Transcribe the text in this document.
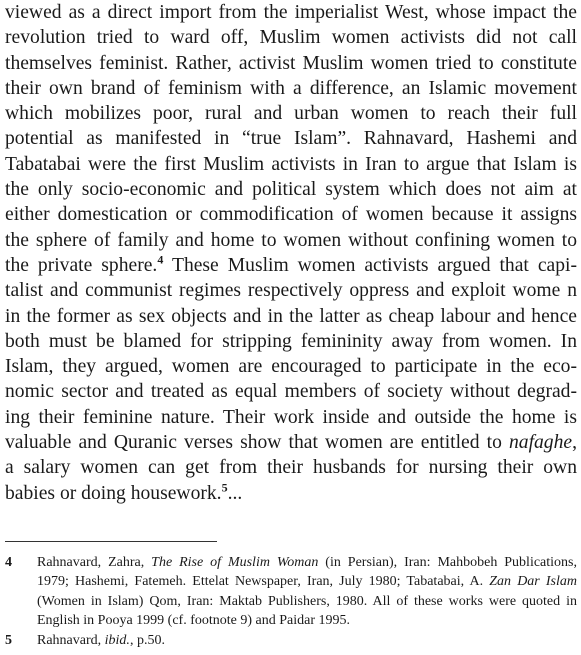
viewed as a direct import from the imperialist West, whose impact the
revolution tried to ward off, Muslim women activists did not call
themselves feminist. Rather, activist Muslim women tried to constitute
their own brand of feminism with a difference, an Islamic movement
which mobilizes poor, rural and urban women to reach their full
potential as manifested in “true Islam”. Rahnavard, Hashemi and
Tabatabai were the first Muslim activists in Iran to argue that Islam is
the only socio-economic and political system which does not aim at
either domestication or commodification of women because it assigns
the sphere of family and home to women without confining women to
the private sphere.$^4$ These Muslim women activists argued that capi-
talist and communist regimes respectively oppress and exploit wome n
in the former as sex objects and in the latter as cheap labour and hence
both must be blamed for stripping femininity away from women. In
Islam, they argued, women are encouraged to participate in the eco-
nomic sector and treated as equal members of society without degrad-
ing their feminine nature. Their work inside and outside the home is
valuable and Quranic verses show that women are entitled to nafaghe,
a salary women can get from their husbands for nursing their own
babies or doing housework.$^5$...
4 Rahnavard, Zahra, The Rise of Muslim Woman (in Persian), Iran: Mahbobeh Publications,
1979; Hashemi, Fatemeh. Ettelat Newspaper, Iran, July 1980; Tabatabai, A. Zan Dar Islam
(Women in Islam) Qom, Iran: Maktab Publishers, 1980. All of these works were quoted in
English in Pooya 1999 (cf. footnote 9) and Paidar 1995.
5 Rahnavard, ibid., p.50.
